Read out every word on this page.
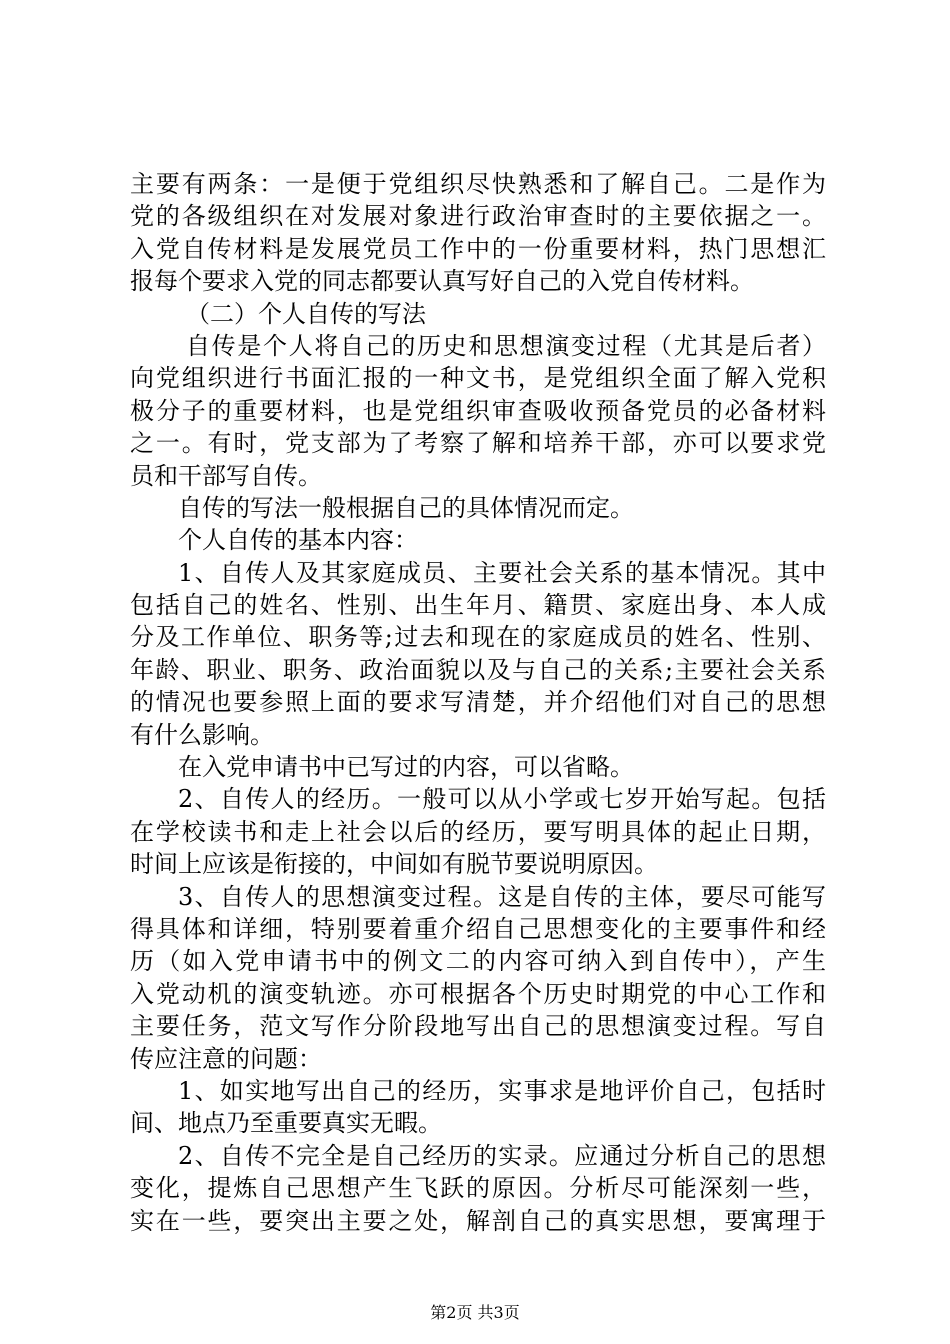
主要有两条：一是便于党组织尽快熟悉和了解自己。二是作为
党的各级组织在对发展对象进行政治审查时的主要依据之一。
入党自传材料是发展党员工作中的一份重要材料，热门思想汇
报每个要求入党的同志都要认真写好自己的入党自传材料。
（二）个人自传的写法
自传是个人将自己的历史和思想演变过程（尤其是后者）
向党组织进行书面汇报的一种文书，是党组织全面了解入党积
极分子的重要材料，也是党组织审查吸收预备党员的必备材料
之一。有时，党支部为了考察了解和培养干部，亦可以要求党
员和干部写自传。
自传的写法一般根据自己的具体情况而定。
个人自传的基本内容：
1、自传人及其家庭成员、主要社会关系的基本情况。其中
包括自己的姓名、性别、出生年月、籍贯、家庭出身、本人成
分及工作单位、职务等;过去和现在的家庭成员的姓名、性别、
年龄、职业、职务、政治面貌以及与自己的关系;主要社会关系
的情况也要参照上面的要求写清楚，并介绍他们对自己的思想
有什么影响。
在入党申请书中已写过的内容，可以省略。
2、自传人的经历。一般可以从小学或七岁开始写起。包括
在学校读书和走上社会以后的经历，要写明具体的起止日期，
时间上应该是衔接的，中间如有脱节要说明原因。
3、自传人的思想演变过程。这是自传的主体，要尽可能写
得具体和详细，特别要着重介绍自己思想变化的主要事件和经
历（如入党申请书中的例文二的内容可纳入到自传中），产生
入党动机的演变轨迹。亦可根据各个历史时期党的中心工作和
主要任务，范文写作分阶段地写出自己的思想演变过程。写自
传应注意的问题：
1、如实地写出自己的经历，实事求是地评价自己，包括时
间、地点乃至重要真实无暇。
2、自传不完全是自己经历的实录。应通过分析自己的思想
变化，提炼自己思想产生飞跃的原因。分析尽可能深刻一些，
实在一些，要突出主要之处，解剖自己的真实思想，要寓理于
第2页 共3页
